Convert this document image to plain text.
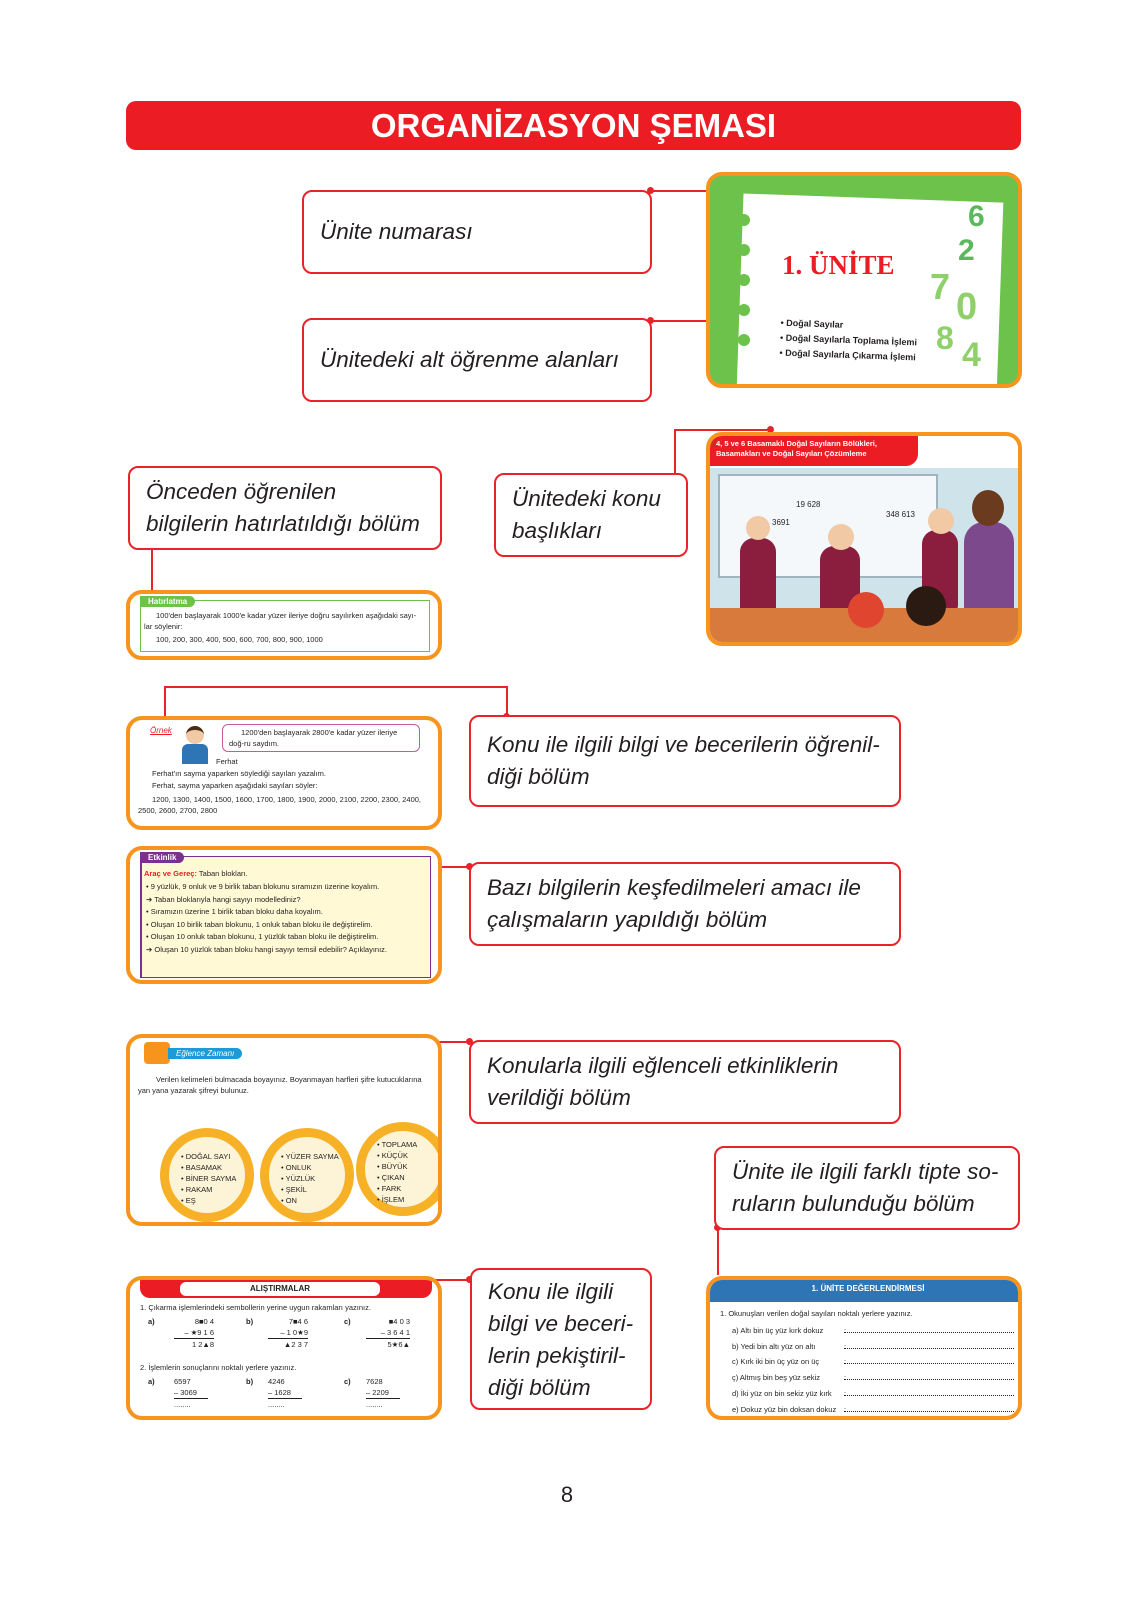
ORGANİZASYON ŞEMASI
Ünite numarası
Ünitedeki alt öğrenme alanları
Önceden öğrenilen bilgilerin hatırlatıldığı bölüm
Ünitedeki konu başlıkları
Konu ile ilgili bilgi ve becerilerin öğrenil-diği bölüm
Bazı bilgilerin keşfedilmeleri amacı ile çalışmaların yapıldığı bölüm
Konularla ilgili eğlenceli etkinliklerin verildiği bölüm
Ünite ile ilgili farklı tipte so-ruların bulunduğu bölüm
Konu ile ilgili bilgi ve beceri-lerin pekiştiril-diği bölüm
1. ÜNİTE
• Doğal Sayılar
• Doğal Sayılarla Toplama İşlemi
• Doğal Sayılarla Çıkarma İşlemi
6
2
7 0
8 4
4, 5 ve 6 Basamaklı Doğal Sayıların Bölükleri, Basamakları ve Doğal Sayıları Çözümleme
19 628
3691
348 613
Hatırlatma
100'den başlayarak 1000'e kadar yüzer ileriye doğru sayılırken aşağıdaki sayı-lar söylenir:
100, 200, 300, 400, 500, 600, 700, 800, 900, 1000
Örnek	1200'den başlayarak 2800'e kadar yüzer ileriye doğ-ru saydım.
Ferhat
Ferhat'ın sayma yaparken söylediği sayıları yazalım.
Ferhat, sayma yaparken aşağıdaki sayıları söyler:
1200, 1300, 1400, 1500, 1600, 1700, 1800, 1900, 2000, 2100, 2200, 2300, 2400, 2500, 2600, 2700, 2800
Etkinlik
Araç ve Gereç: Taban blokları.
• 9 yüzlük, 9 onluk ve 9 birlik taban blokunu sıramızın üzerine koyalım.
➔ Taban bloklarıyla hangi sayıyı modellediniz?
• Sıramızın üzerine 1 birlik taban bloku daha koyalım.
• Oluşan 10 birlik taban blokunu, 1 onluk taban bloku ile değiştirelim.
• Oluşan 10 onluk taban blokunu, 1 yüzlük taban bloku ile değiştirelim.
➔ Oluşan 10 yüzlük taban bloku hangi sayıyı temsil edebilir? Açıklayınız.
Eğlence Zamanı
Verilen kelimeleri bulmacada boyayınız. Boyanmayan harfleri şifre kutucuklarına yan yana yazarak şifreyi bulunuz.
• DOĞAL SAYI
• BASAMAK
• BİNER SAYMA
• RAKAM
• EŞ
• YÜZER SAYMA
• ONLUK
• YÜZLÜK
• ŞEKİL
• ON
• TOPLAMA
• KÜÇÜK
• BÜYÜK
• ÇIKAN
• FARK
• İŞLEM
ALIŞTIRMALAR
1. Çıkarma işlemlerindeki sembollerin yerine uygun rakamları yazınız.
a)	8■0 4
– ★9 1 6
1 2▲8
b)	7■4 6
– 1 0★9
▲2 3 7
c)	■4 0 3
– 3 6 4 1
5★6▲
2. İşlemlerin sonuçlarını noktalı yerlere yazınız.
a)	6597
– 3069
........
b) 4246
– 1628
........
c) 7628
– 2209
........
1. ÜNİTE DEĞERLENDİRMESİ
1. Okunuşları verilen doğal sayıları noktalı yerlere yazınız.
a) Altı bin üç yüz kırk dokuz	:
b) Yedi bin altı yüz on altı	:
c) Kırk iki bin üç yüz on üç	:
ç) Altmış bin beş yüz sekiz	:
d) İki yüz on bin sekiz yüz kırk	:
e) Dokuz yüz bin doksan dokuz	:
8
